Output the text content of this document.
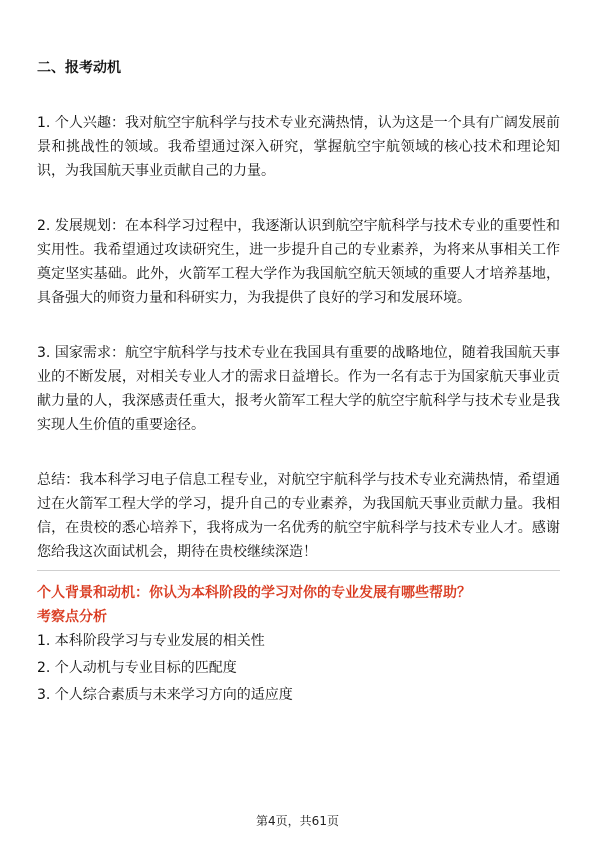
二、报考动机

1. 个人兴趣：我对航空宇航科学与技术专业充满热情，认为这是一个具有广阔发展前景和挑战性的领域。我希望通过深入研究，掌握航空宇航领域的核心技术和理论知识，为我国航天事业贡献自己的力量。

2. 发展规划：在本科学习过程中，我逐渐认识到航空宇航科学与技术专业的重要性和实用性。我希望通过攻读研究生，进一步提升自己的专业素养，为将来从事相关工作奠定坚实基础。此外，火箭军工程大学作为我国航空航天领域的重要人才培养基地，具备强大的师资力量和科研实力，为我提供了良好的学习和发展环境。

3. 国家需求：航空宇航科学与技术专业在我国具有重要的战略地位，随着我国航天事业的不断发展，对相关专业人才的需求日益增长。作为一名有志于为国家航天事业贡献力量的人，我深感责任重大，报考火箭军工程大学的航空宇航科学与技术专业是我实现人生价值的重要途径。

总结：我本科学习电子信息工程专业，对航空宇航科学与技术专业充满热情，希望通过在火箭军工程大学的学习，提升自己的专业素养，为我国航天事业贡献力量。我相信，在贵校的悉心培养下，我将成为一名优秀的航空宇航科学与技术专业人才。感谢您给我这次面试机会，期待在贵校继续深造！

个人背景和动机：你认为本科阶段的学习对你的专业发展有哪些帮助？
考察点分析
1. 本科阶段学习与专业发展的相关性
2. 个人动机与专业目标的匹配度
3. 个人综合素质与未来学习方向的适应度
第4页，共61页
